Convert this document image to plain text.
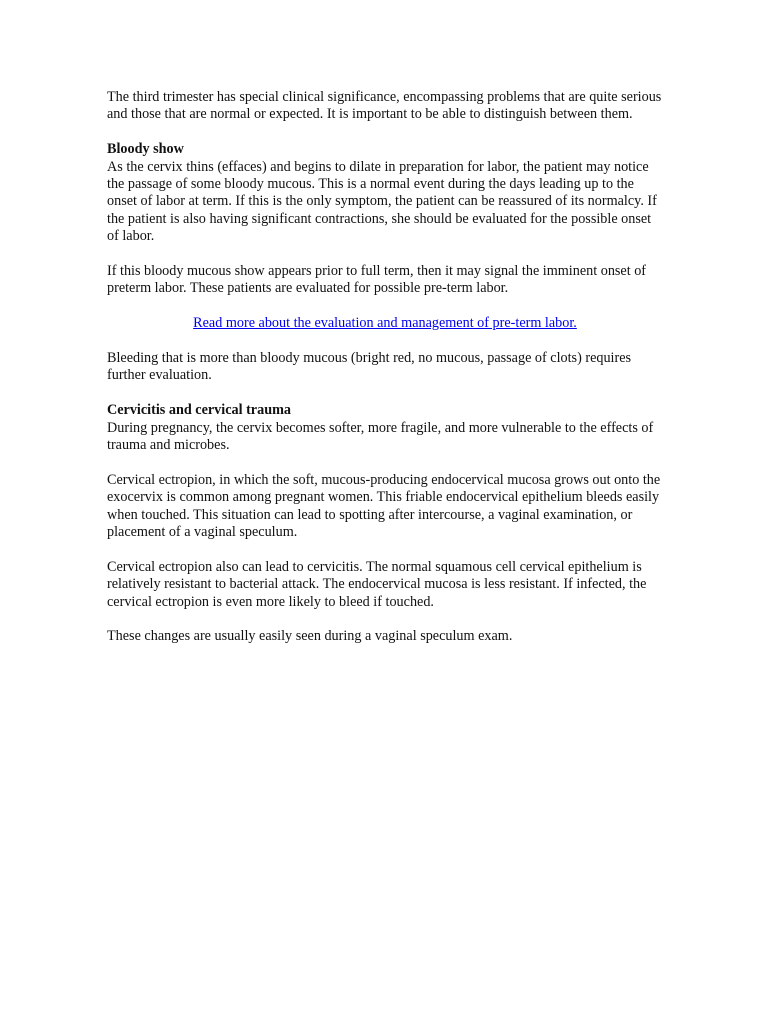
The third trimester has special clinical significance, encompassing problems that are quite serious and those that are normal or expected. It is important to be able to distinguish between them.

Bloody show
As the cervix thins (effaces) and begins to dilate in preparation for labor, the patient may notice the passage of some bloody mucous. This is a normal event during the days leading up to the onset of labor at term. If this is the only symptom, the patient can be reassured of its normalcy. If the patient is also having significant contractions, she should be evaluated for the possible onset of labor.

If this bloody mucous show appears prior to full term, then it may signal the imminent onset of preterm labor. These patients are evaluated for possible pre-term labor.

Read more about the evaluation and management of pre-term labor.

Bleeding that is more than bloody mucous (bright red, no mucous, passage of clots) requires further evaluation.

Cervicitis and cervical trauma
During pregnancy, the cervix becomes softer, more fragile, and more vulnerable to the effects of trauma and microbes.

Cervical ectropion, in which the soft, mucous-producing endocervical mucosa grows out onto the exocervix is common among pregnant women. This friable endocervical epithelium bleeds easily when touched. This situation can lead to spotting after intercourse, a vaginal examination, or placement of a vaginal speculum.

Cervical ectropion also can lead to cervicitis. The normal squamous cell cervical epithelium is relatively resistant to bacterial attack. The endocervical mucosa is less resistant. If infected, the cervical ectropion is even more likely to bleed if touched.

These changes are usually easily seen during a vaginal speculum exam.
